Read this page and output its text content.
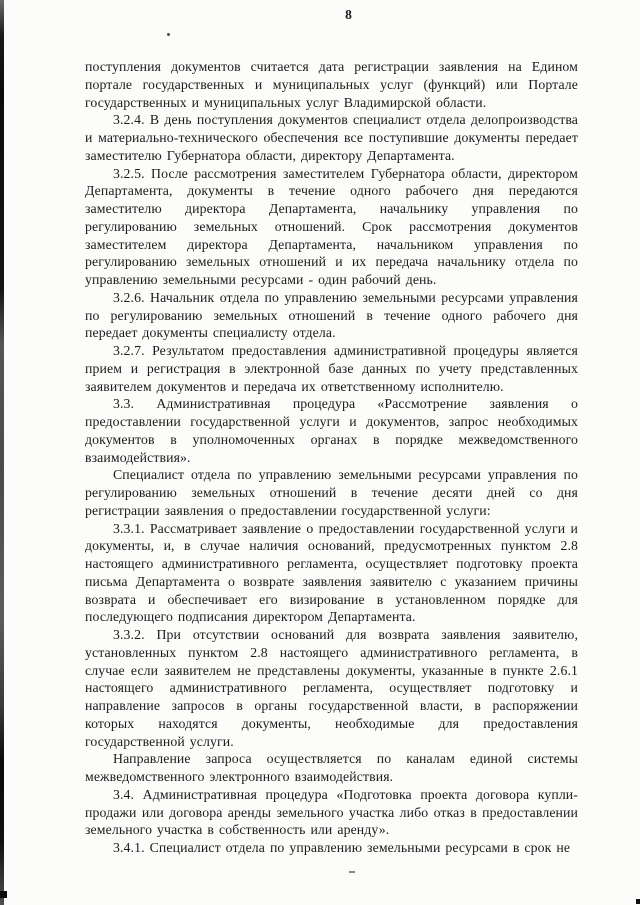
8

поступления документов считается дата регистрации заявления на Едином портале государственных и муниципальных услуг (функций) или Портале государственных и муниципальных услуг Владимирской области.

3.2.4. В день поступления документов специалист отдела делопроизводства и материально-технического обеспечения все поступившие документы передает заместителю Губернатора области, директору Департамента.

3.2.5. После рассмотрения заместителем Губернатора области, директором Департамента, документы в течение одного рабочего дня передаются заместителю директора Департамента, начальнику управления по регулированию земельных отношений. Срок рассмотрения документов заместителем директора Департамента, начальником управления по регулированию земельных отношений и их передача начальнику отдела по управлению земельными ресурсами - один рабочий день.

3.2.6. Начальник отдела по управлению земельными ресурсами управления по регулированию земельных отношений в течение одного рабочего дня передает документы специалисту отдела.

3.2.7. Результатом предоставления административной процедуры является прием и регистрация в электронной базе данных по учету представленных заявителем документов и передача их ответственному исполнителю.

3.3. Административная процедура «Рассмотрение заявления о предоставлении государственной услуги и документов, запрос необходимых документов в уполномоченных органах в порядке межведомственного взаимодействия».

Специалист отдела по управлению земельными ресурсами управления по регулированию земельных отношений в течение десяти дней со дня регистрации заявления о предоставлении государственной услуги:

3.3.1. Рассматривает заявление о предоставлении государственной услуги и документы, и, в случае наличия оснований, предусмотренных пунктом 2.8 настоящего административного регламента, осуществляет подготовку проекта письма Департамента о возврате заявления заявителю с указанием причины возврата и обеспечивает его визирование в установленном порядке для последующего подписания директором Департамента.

3.3.2. При отсутствии оснований для возврата заявления заявителю, установленных пунктом 2.8 настоящего административного регламента, в случае если заявителем не представлены документы, указанные в пункте 2.6.1 настоящего административного регламента, осуществляет подготовку и направление запросов в органы государственной власти, в распоряжении которых находятся документы, необходимые для предоставления государственной услуги.

Направление запроса осуществляется по каналам единой системы межведомственного электронного взаимодействия.

3.4. Административная процедура «Подготовка проекта договора купли-продажи или договора аренды земельного участка либо отказ в предоставлении земельного участка в собственность или аренду».

3.4.1. Специалист отдела по управлению земельными ресурсами в срок не
